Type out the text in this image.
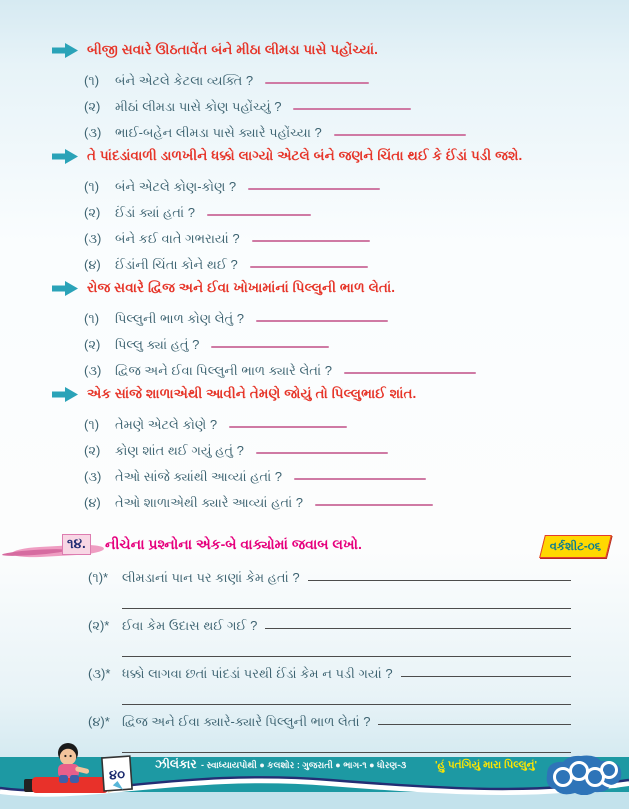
બીજી સવારે ઊઠતાવેંત બંને મીઠા લીમડા પાસે પહોંચ્યાં.
(૧)	બંને એટલે કેટલા વ્યક્તિ ?
(૨)	મીઠાં લીમડા પાસે કોણ પહોંચ્યું ?
(૩)	ભાઈ-બહેન લીમડા પાસે ક્યારે પહોંચ્યા ?
તે પાંદડાંવાળી ડાળખીને ધક્કો લાગ્યો એટલે બંને જણને ચિંતા થઈ કે ઈંડાં પડી જશે.
(૧)	બંને એટલે કોણ-કોણ ?
(૨)	ઈંડાં ક્યાં હતાં ?
(૩)	બંને કઈ વાતે ગભરાયાં ?
(૪)	ઈંડાંની ચિંતા કોને થઈ ?
રોજ સવારે દ્વિજ અને ઈવા ખોખામાંનાં પિલ્લુની ભાળ લેતાં.
(૧)	પિલ્લુની ભાળ કોણ લેતું ?
(૨)	પિલ્લુ ક્યાં હતું ?
(૩)	દ્વિજ અને ઈવા પિલ્લુની ભાળ ક્યારે લેતાં ?
એક સાંજે શાળાએથી આવીને તેમણે જોયું તો પિલ્લુભાઈ શાંત.
(૧)	તેમણે એટલે કોણે ?
(૨)	કોણ શાંત થઈ ગયું હતું ?
(૩)	તેઓ સાંજે ક્યાંથી આવ્યાં હતાં ?
(૪)	તેઓ શાળાએથી ક્યારે આવ્યાં હતાં ?
૧૪.	નીચેના પ્રશ્નોના એક-બે વાક્યોમાં જવાબ લખો.	વર્કશીટ-૦૬
(૧)*	લીમડાનાં પાન પર કાણાં કેમ હતાં ?
(૨)* ઈવા કેમ ઉદાસ થઈ ગઈ ?
(૩)* ધક્કો લાગવા છતાં પાંદડાં પરથી ઈંડાં કેમ ન પડી ગયાં ?
(૪)* દ્વિજ અને ઈવા ક્યારે-ક્યારે પિલ્લુની ભાળ લેતાં ?
૪૦
ઝીલંકાર - સ્વાધ્યાયપોથી ● કલશોર : ગુજરાતી ● ભાગ-૧ ● ધોરણ-૩	'હું પતંગિયું મારા પિલ્લુનું'
